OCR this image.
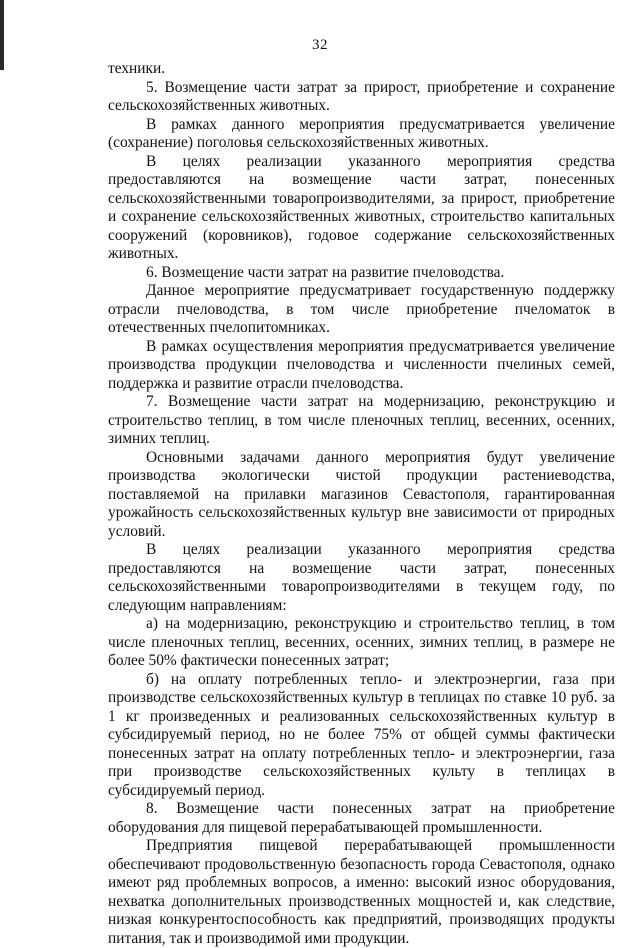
32

техники.

5. Возмещение части затрат за прирост, приобретение и сохранение сельскохозяйственных животных.

В рамках данного мероприятия предусматривается увеличение (сохранение) поголовья сельскохозяйственных животных.

В целях реализации указанного мероприятия средства предоставляются на возмещение части затрат, понесенных сельскохозяйственными товаропроизводителями, за прирост, приобретение и сохранение сельскохозяйственных животных, строительство капитальных сооружений (коровников), годовое содержание сельскохозяйственных животных.

6. Возмещение части затрат на развитие пчеловодства.

Данное мероприятие предусматривает государственную поддержку отрасли пчеловодства, в том числе приобретение пчеломаток в отечественных пчелопитомниках.

В рамках осуществления мероприятия предусматривается увеличение производства продукции пчеловодства и численности пчелиных семей, поддержка и развитие отрасли пчеловодства.

7. Возмещение части затрат на модернизацию, реконструкцию и строительство теплиц, в том числе пленочных теплиц, весенних, осенних, зимних теплиц.

Основными задачами данного мероприятия будут увеличение производства экологически чистой продукции растениеводства, поставляемой на прилавки магазинов Севастополя, гарантированная урожайность сельскохозяйственных культур вне зависимости от природных условий.

В целях реализации указанного мероприятия средства предоставляются на возмещение части затрат, понесенных сельскохозяйственными товаропроизводителями в текущем году, по следующим направлениям:

а) на модернизацию, реконструкцию и строительство теплиц, в том числе пленочных теплиц, весенних, осенних, зимних теплиц, в размере не более 50% фактически понесенных затрат;

б) на оплату потребленных тепло- и электроэнергии, газа при производстве сельскохозяйственных культур в теплицах по ставке 10 руб. за 1 кг произведенных и реализованных сельскохозяйственных культур в субсидируемый период, но не более 75% от общей суммы фактически понесенных затрат на оплату потребленных тепло- и электроэнергии, газа при производстве сельскохозяйственных культу в теплицах в субсидируемый период.

8. Возмещение части понесенных затрат на приобретение оборудования для пищевой перерабатывающей промышленности.

Предприятия пищевой перерабатывающей промышленности обеспечивают продовольственную безопасность города Севастополя, однако имеют ряд проблемных вопросов, а именно: высокий износ оборудования, нехватка дополнительных производственных мощностей и, как следствие, низкая конкурентоспособность как предприятий, производящих продукты питания, так и производимой ими продукции.
